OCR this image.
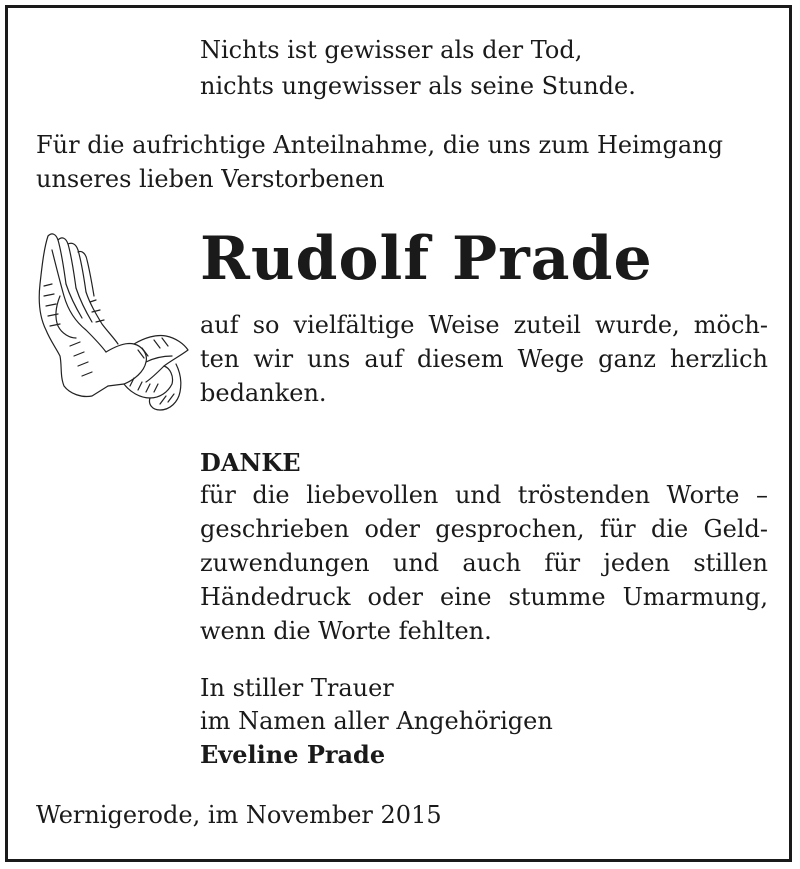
Nichts ist gewisser als der Tod,
nichts ungewisser als seine Stunde.
Für die aufrichtige Anteilnahme, die uns zum Heimgang
unseres lieben Verstorbenen
Rudolf Prade
auf so vielfältige Weise zuteil wurde, möch-
ten wir uns auf diesem Wege ganz herzlich
bedanken.
DANKE
für die liebevollen und tröstenden Worte –
geschrieben oder gesprochen, für die Geld-
zuwendungen und auch für jeden stillen
Händedruck oder eine stumme Umarmung,
wenn die Worte fehlten.
In stiller Trauer
im Namen aller Angehörigen
Eveline Prade
Wernigerode, im November 2015
